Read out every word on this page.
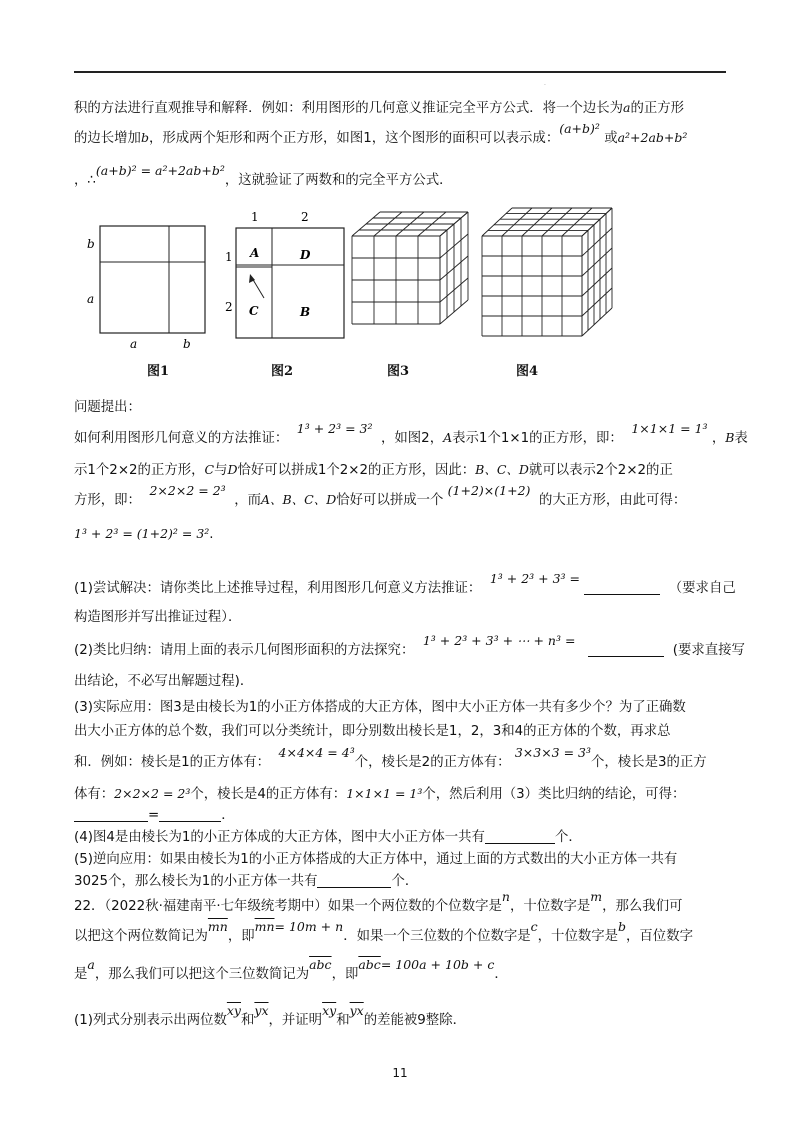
.
积的方法进行直观推导和解释．例如：利用图形的几何意义推证完全平方公式．将一个边长为a的正方形
的边长增加b，形成两个矩形和两个正方形，如图1，这个图形的面积可以表示成：(a+b)² 或a²+2ab+b²
，∴(a+b)² = a²+2ab+b²，这就验证了两数和的完全平方公式．
b
a
a	b
1	2
1
2
A	D
C	B
图1	图2	图3	图4
问题提出：
如何利用图形几何意义的方法推证：  1³ + 2³ = 3²  ，如图2，A表示1个1×1的正方形，即：  1×1×1 = 1³ ，B表
示1个2×2的正方形，C与D恰好可以拼成1个2×2的正方形，因此：B、C、D就可以表示2个2×2的正
方形，即：  2×2×2 = 2³  ，而A、B、C、D恰好可以拼成一个 (1+2)×(1+2)  的大正方形，由此可得：
1³ + 2³ = (1+2)² = 3².
(1)尝试解决：请你类比上述推导过程，利用图形几何意义方法推证：  1³ + 2³ + 3³ =   （要求自己
构造图形并写出推证过程）．
(2)类比归纳：请用上面的表示几何图形面积的方法探究：  1³ + 2³ + 3³ + ⋯ + n³ =     (要求直接写
出结论，不必写出解题过程)．
(3)实际应用：图3是由棱长为1的小正方体搭成的大正方体，图中大小正方体一共有多少个？为了正确数
出大小正方体的总个数，我们可以分类统计，即分别数出棱长是1，2，3和4的正方体的个数，再求总
和．例如：棱长是1的正方体有：  4×4×4 = 4³个，棱长是2的正方体有： 3×3×3 = 3³个，棱长是3的正方
体有：2×2×2 = 2³个，棱长是4的正方体有：1×1×1 = 1³个，然后利用（3）类比归纳的结论，可得：
=	．
(4)图4是由棱长为1的小正方体成的大正方体，图中大小正方体一共有	个．
(5)逆向应用：如果由棱长为1的小正方体搭成的大正方体中，通过上面的方式数出的大小正方体一共有
3025个，那么棱长为1的小正方体一共有	个．
22．（2022秋·福建南平·七年级统考期中）如果一个两位数的个位数字是n，十位数字是m，那么我们可
以把这个两位数简记为$\overline{mn}$，即$\overline{mn}= 10m + n$．如果一个三位数的个位数字是c，十位数字是b，百位数字
是a，那么我们可以把这个三位数简记为$\overline{abc}$，即$\overline{abc}= 100a + 10b + c$．
(1)列式分别表示出两位数$\overline{xy}$和$\overline{yx}$，并证明$\overline{xy}$和$\overline{yx}$的差能被9整除．
11
